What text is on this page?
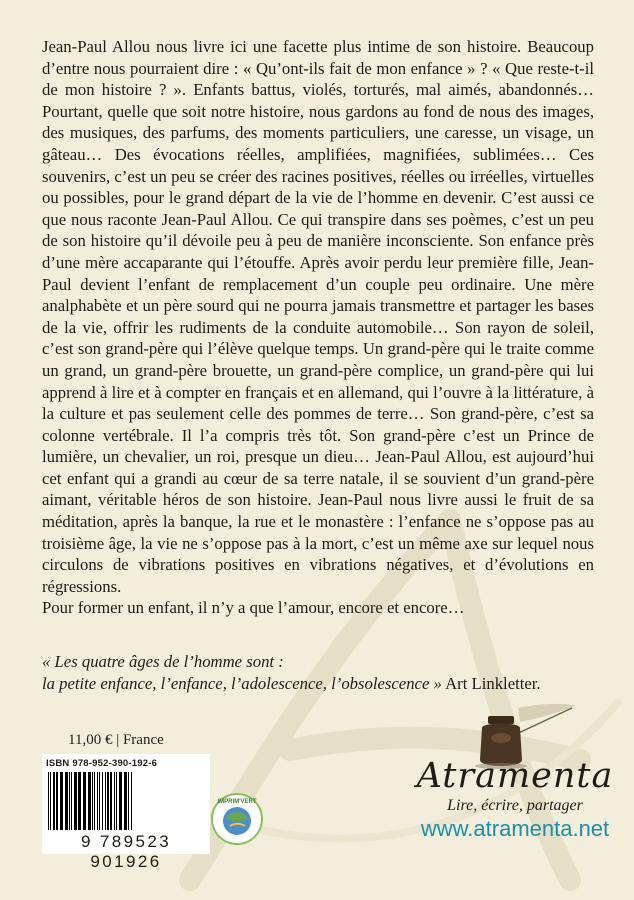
Jean-Paul Allou nous livre ici une facette plus intime de son histoire. Beaucoup d’entre nous pourraient dire : « Qu’ont-ils fait de mon enfance » ? « Que reste-t-il de mon histoire ? ». Enfants battus, violés, torturés, mal aimés, abandonnés… Pourtant, quelle que soit notre histoire, nous gardons au fond de nous des images, des musiques, des parfums, des moments particuliers, une caresse, un visage, un gâteau… Des évocations réelles, amplifiées, magnifiées, sublimées… Ces souvenirs, c’est un peu se créer des racines positives, réelles ou irréelles, virtuelles ou possibles, pour le grand départ de la vie de l’homme en devenir. C’est aussi ce que nous raconte Jean-Paul Allou. Ce qui transpire dans ses poèmes, c’est un peu de son histoire qu’il dévoile peu à peu de manière inconsciente. Son enfance près d’une mère accaparante qui l’étouffe. Après avoir perdu leur première fille, Jean-Paul devient l’enfant de remplacement d’un couple peu ordinaire. Une mère analphabète et un père sourd qui ne pourra jamais transmettre et partager les bases de la vie, offrir les rudiments de la conduite automobile… Son rayon de soleil, c’est son grand-père qui l’élève quelque temps. Un grand-père qui le traite comme un grand, un grand-père brouette, un grand-père complice, un grand-père qui lui apprend à lire et à compter en français et en allemand, qui l’ouvre à la littérature, à la culture et pas seulement celle des pommes de terre… Son grand-père, c’est sa colonne vertébrale. Il l’a compris très tôt. Son grand-père c’est un Prince de lumière, un chevalier, un roi, presque un dieu… Jean-Paul Allou, est aujourd’hui cet enfant qui a grandi au cœur de sa terre natale, il se souvient d’un grand-père aimant, véritable héros de son histoire. Jean-Paul nous livre aussi le fruit de sa méditation, après la banque, la rue et le monastère : l’enfance ne s’oppose pas au troisième âge, la vie ne s’oppose pas à la mort, c’est un même axe sur lequel nous circulons de vibrations positives en vibrations négatives, et d’évolutions en régressions.

Pour former un enfant, il n’y a que l’amour, encore et encore…

« Les quatre âges de l’homme sont :
la petite enfance, l’enfance, l’adolescence, l’obsolescence » Art Linkletter.
11,00 € | France
ISBN 978-952-390-192-6
9 789523 901926
IMPRIM'VERT
Atramenta
Lire, écrire, partager
www.atramenta.net
